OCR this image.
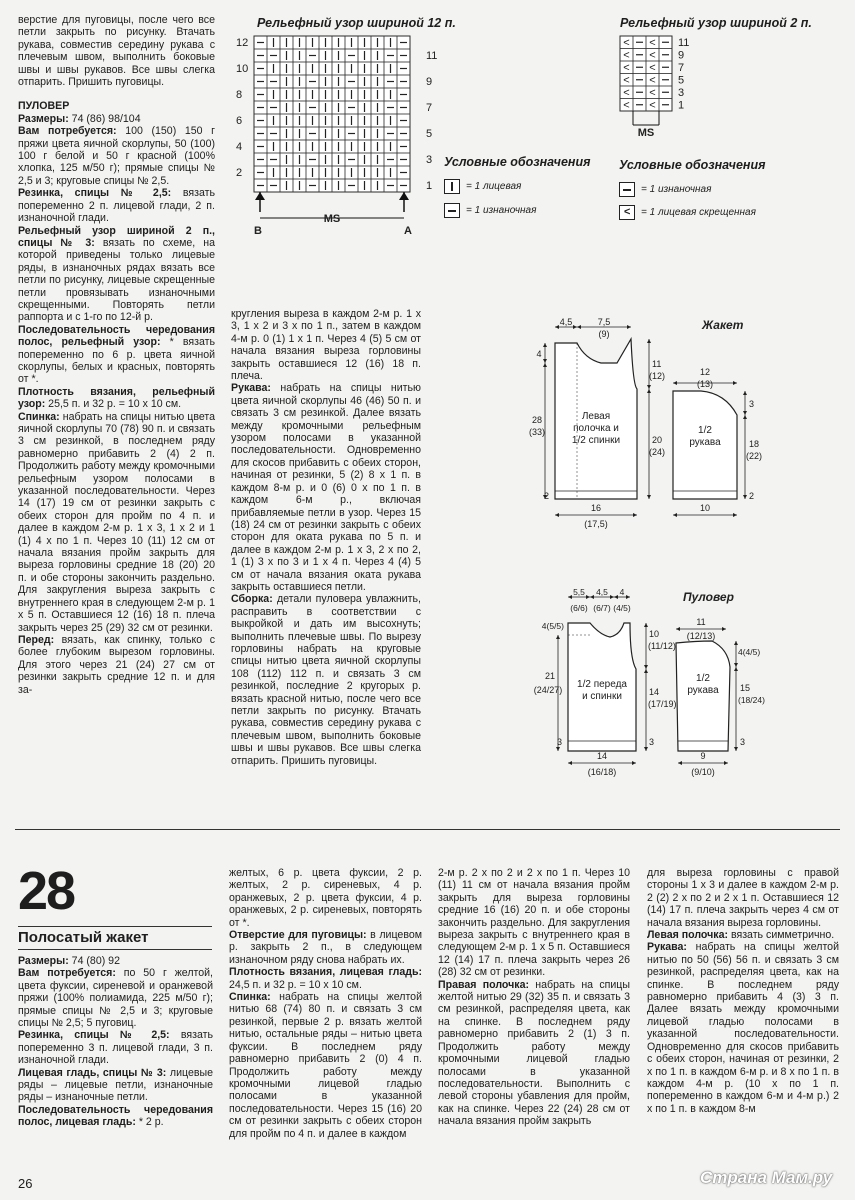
верстие для пуговицы, после чего все петли закрыть по рисунку. Втачать рукава, совместив середину рукава с плечевым швом, выполнить боковые швы и швы рукавов. Все швы слегка отпарить. Пришить пуговицы.

ПУЛОВЕР

Размеры: 74 (86) 98/104

Вам потребуется: 100 (150) 150 г пряжи цвета яичной скорлупы, 50 (100) 100 г белой и 50 г красной (100% хлопка, 125 м/50 г); прямые спицы № 2,5 и 3; круговые спицы № 2,5.

Резинка, спицы № 2,5: вязать попеременно 2 п. лицевой глади, 2 п. изнаночной глади.

Рельефный узор шириной 2 п., спицы № 3: вязать по схеме, на которой приведены только лицевые ряды, в изнаночных рядах вязать все петли по рисунку, лицевые скрещенные петли провязывать изнаночными скрещенными. Повторять петли раппорта и с 1-го по 12-й р.

Последовательность чередования полос, рельефный узор: * вязать попеременно по 6 р. цвета яичной скорлупы, белых и красных, повторять от *.

Плотность вязания, рельефный узор: 25,5 п. и 32 р. = 10 х 10 см.

Спинка: набрать на спицы нитью цвета яичной скорлупы 70 (78) 90 п. и связать 3 см резинкой, в последнем ряду равномерно прибавить 2 (4) 2 п. Продолжить работу между кромочными рельефным узором полосами в указанной последовательности. Через 14 (17) 19 см от резинки закрыть с обеих сторон для пройм по 4 п. и далее в каждом 2-м р. 1 х 3, 1 х 2 и 1 (1) 4 х по 1 п. Через 10 (11) 12 см от начала вязания пройм закрыть для выреза горловины средние 18 (20) 20 п. и обе стороны закончить раздельно. Для закругления выреза закрыть с внутреннего края в следующем 2-м р. 1 х 5 п. Оставшиеся 12 (16) 18 п. плеча закрыть через 25 (29) 32 см от резинки.

Перед: вязать, как спинку, только с более глубоким вырезом горловины. Для этого через 21 (24) 27 см от резинки закрыть средние 12 п. и для за-

кругления выреза в каждом 2-м р. 1 х 3, 1 х 2 и 3 х по 1 п., затем в каждом 4-м р. 0 (1) 1 х 1 п. Через 4 (5) 5 см от начала вязания выреза горловины закрыть оставшиеся 12 (16) 18 п. плеча.

Рукава: набрать на спицы нитью цвета яичной скорлупы 46 (46) 50 п. и связать 3 см резинкой. Далее вязать между кромочными рельефным узором полосами в указанной последовательности. Одновременно для скосов прибавить с обеих сторон, начиная от резинки, 5 (2) 8 х 1 п. в каждом 8-м р. и 0 (6) 0 х по 1 п. в каждом 6-м р., включая прибавляемые петли в узор. Через 15 (18) 24 см от резинки закрыть с обеих сторон для оката рукава по 5 п. и далее в каждом 2-м р. 1 х 3, 2 х по 2, 1 (1) 3 х по 3 и 1 х 4 п. Через 4 (4) 5 см от начала вязания оката рукава закрыть оставшиеся петли.

Сборка: детали пуловера увлажнить, расправить в соответствии с выкройкой и дать им высохнуть; выполнить плечевые швы. По вырезу горловины набрать на круговые спицы нитью цвета яичной скорлупы 108 (112) 112 п. и связать 3 см резинкой, последние 2 кругорых р. вязать красной нитью, после чего все петли закрыть по рисунку. Втачать рукава, совместив середину рукава с плечевым швом, выполнить боковые швы и швы рукавов. Все швы слегка отпарить. Пришить пуговицы.

Рельефный узор шириной 12 п.
12
10
8
6
4
2
11
9
7
5
3
1
B	A
MS
Рельефный узор шириной 2 п.
< <
< <
< <
< <
< <
< <
11
9
7
5
3
1
MS
Условные обозначения
= 1 лицевая
= 1 изнаночная
Условные обозначения
= 1 изнаночная
<	= 1 лицевая скрещенная
Жакет
4,5	7,5
(9)
4
28
(33)
11
(12)
20
(24)
2
16
(17,5)
Левая
полочка и
1/2 спинки
12
(13)
3
18
(22)
2
10
1/2
рукава
Пуловер
5,5
(6/6)
4,5
(6/7)
4
(4/5)
4(5/5)
21
(24/27)
10
(11/12)
14
(17/19)
3	3
14
(16/18)
1/2 переда
и спинки
11
(12/13)
4(4/5)
15
(18/24)
3
9
(9/10)
1/2
рукава
28
Полосатый жакет

Размеры: 74 (80) 92

Вам потребуется: по 50 г желтой, цвета фуксии, сиреневой и оранжевой пряжи (100% полиамида, 225 м/50 г); прямые спицы № 2,5 и 3; круговые спицы № 2,5; 5 пуговиц.

Резинка, спицы № 2,5: вязать попеременно 3 п. лицевой глади, 3 п. изнаночной глади.

Лицевая гладь, спицы № 3: лицевые ряды – лицевые петли, изнаночные ряды – изнаночные петли.

Последовательность чередования полос, лицевая гладь: * 2 р.

желтых, 6 р. цвета фуксии, 2 р. желтых, 2 р. сиреневых, 4 р. оранжевых, 2 р. цвета фуксии, 4 р. оранжевых, 2 р. сиреневых, повторять от *.

Отверстие для пуговицы: в лицевом р. закрыть 2 п., в следующем изнаночном ряду снова набрать их.

Плотность вязания, лицевая гладь: 24,5 п. и 32 р. = 10 х 10 см.

Спинка: набрать на спицы желтой нитью 68 (74) 80 п. и связать 3 см резинкой, первые 2 р. вязать желтой нитью, остальные ряды – нитью цвета фуксии. В последнем ряду равномерно прибавить 2 (0) 4 п. Продолжить работу между кромочными лицевой гладью полосами в указанной последовательности. Через 15 (16) 20 см от резинки закрыть с обеих сторон для пройм по 4 п. и далее в каждом

2-м р. 2 х по 2 и 2 х по 1 п. Через 10 (11) 11 см от начала вязания пройм закрыть для выреза горловины средние 16 (16) 20 п. и обе стороны закончить раздельно. Для закругления выреза закрыть с внутреннего края в следующем 2-м р. 1 х 5 п. Оставшиеся 12 (14) 17 п. плеча закрыть через 26 (28) 32 см от резинки.

Правая полочка: набрать на спицы желтой нитью 29 (32) 35 п. и связать 3 см резинкой, распределяя цвета, как на спинке. В последнем ряду равномерно прибавить 2 (1) 3 п. Продолжить работу между кромочными лицевой гладью полосами в указанной последовательности. Выполнить с левой стороны убавления для пройм, как на спинке. Через 22 (24) 28 см от начала вязания пройм закрыть

для выреза горловины с правой стороны 1 х 3 и далее в каждом 2-м р. 2 (2) 2 х по 2 и 2 х 1 п. Оставшиеся 12 (14) 17 п. плеча закрыть через 4 см от начала вязания выреза горловины.

Левая полочка: вязать симметрично.

Рукава: набрать на спицы желтой нитью по 50 (56) 56 п. и связать 3 см резинкой, распределяя цвета, как на спинке. В последнем ряду равномерно прибавить 4 (3) 3 п. Далее вязать между кромочными лицевой гладью полосами в указанной последовательности. Одновременно для скосов прибавить с обеих сторон, начиная от резинки, 2 х по 1 п. в каждом 6-м р. и 8 х по 1 п. в каждом 4-м р. (10 х по 1 п. попеременно в каждом 6-м и 4-м р.) 2 х по 1 п. в каждом 8-м

26	Страна Мам.ру
